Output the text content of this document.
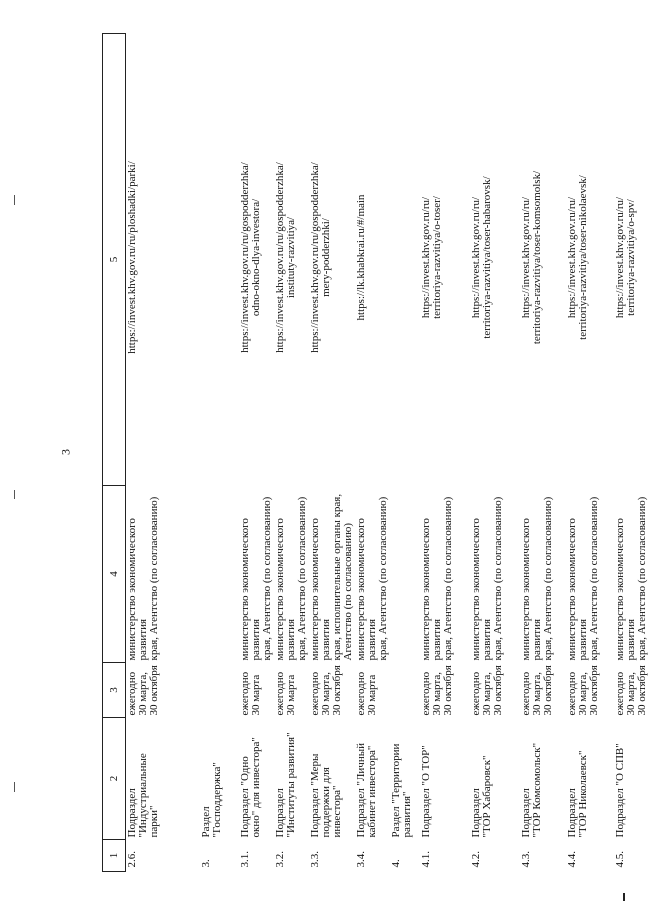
3
1	2	3	4	5
2.6.	Подраздел
"Индустриальные
парки"	ежегодно
30 марта,
30 октября	министерство экономического развития
края, Агентство (по согласованию)	https://invest.khv.gov.ru/ru/ploshadki/parki/
3.	Раздел
"Господдержка"			
3.1.	Подраздел "Одно
окно" для инвестора"	ежегодно
30 марта	министерство экономического развития
края, Агентство (по согласованию)	https://invest.khv.gov.ru/ru/gospodderzhka/
odno-okno-dlya-investora/
3.2.	Подраздел
"Институты развития"	ежегодно
30 марта	министерство экономического развития
края, Агентство (по согласованию)	https://invest.khv.gov.ru/ru/gospodderzhka/
instituty-razvitiya/
3.3.	Подраздел "Меры
поддержки для
инвестора"	ежегодно
30 марта,
30 октября	министерство экономического развития
края, исполнительные органы края,
Агентство (по согласованию)	https://invest.khv.gov.ru/ru/gospodderzhka/
mery-podderzhki/
3.4.	Подраздел "Личный
кабинет инвестора"	ежегодно
30 марта	министерство экономического развития
края, Агентство (по согласованию)	https://lk.khabkrai.ru/#/main
4.	Раздел "Территории
развития"			
4.1.	Подраздел "О ТОР"	ежегодно
30 марта,
30 октября	министерство экономического развития
края, Агентство (по согласованию)	https://invest.khv.gov.ru/ru/
territoriya-razvitiya/o-toser/
4.2.	Подраздел
"ТОР Хабаровск"	ежегодно
30 марта,
30 октября	министерство экономического развития
края, Агентство (по согласованию)	https://invest.khv.gov.ru/ru/
territoriya-razvitiya/toser-habarovsk/
4.3.	Подраздел
"ТОР Комсомольск"	ежегодно
30 марта,
30 октября	министерство экономического развития
края, Агентство (по согласованию)	https://invest.khv.gov.ru/ru/
territoriya-razvitiya/toser-komsomolsk/
4.4.	Подраздел
"ТОР Николаевск"	ежегодно
30 марта,
30 октября	министерство экономического развития
края, Агентство (по согласованию)	https://invest.khv.gov.ru/ru/
territoriya-razvitiya/toser-nikolaevsk/
4.5.	Подраздел "О СПВ"	ежегодно
30 марта,
30 октября	министерство экономического развития
края, Агентство (по согласованию)	https://invest.khv.gov.ru/ru/
territoriya-razvitiya/o-spv/
